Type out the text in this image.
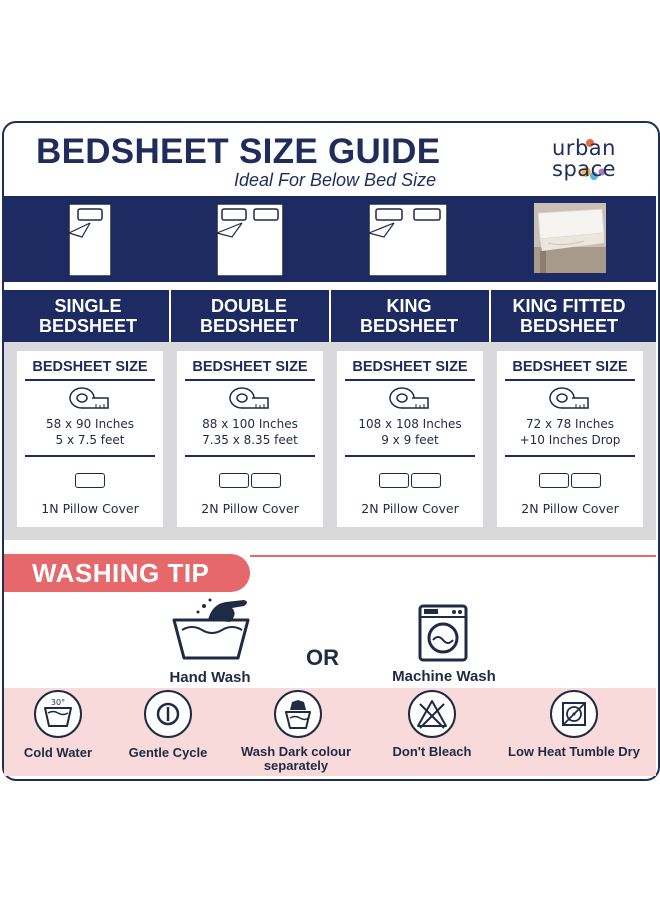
BEDSHEET SIZE GUIDE
Ideal For Below Bed Size
urban
space
SINGLE
BEDSHEET
DOUBLE
BEDSHEET
KING
BEDSHEET
KING FITTED
BEDSHEET
BEDSHEET SIZE
58 x 90 Inches
5 x 7.5 feet
1N Pillow Cover
BEDSHEET SIZE
88 x 100 Inches
7.35 x 8.35 feet
2N Pillow Cover
BEDSHEET SIZE
108 x 108 Inches
9 x 9 feet
2N Pillow Cover
BEDSHEET SIZE
72 x 78 Inches
+10 Inches Drop
2N Pillow Cover
WASHING TIP
Hand Wash
OR
Machine Wash
30°
Cold Water	Gentle Cycle	Wash Dark colour
separately
Don't Bleach	Low Heat Tumble Dry
